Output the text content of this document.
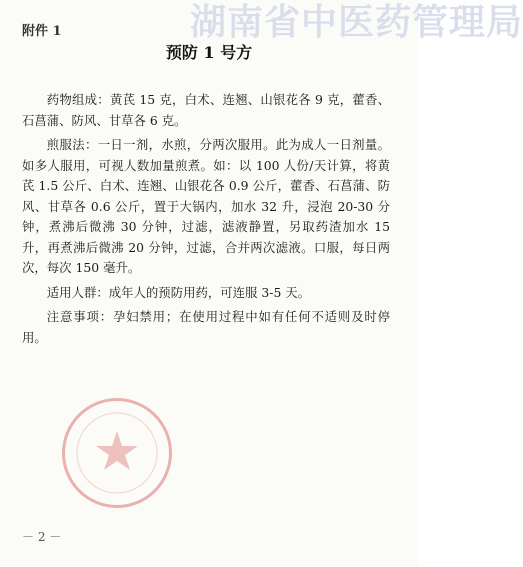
湖南省中医药管理局
附件 1
预防 1 号方

药物组成：黄芪 15 克，白术、连翘、山银花各 9 克，藿香、石菖蒲、防风、甘草各 6 克。

煎服法：一日一剂，水煎，分两次服用。此为成人一日剂量。如多人服用，可视人数加量煎煮。如：以 100 人份/天计算，将黄芪 1.5 公斤、白术、连翘、山银花各 0.9 公斤，藿香、石菖蒲、防风、甘草各 0.6 公斤，置于大锅内，加水 32 升，浸泡 20-30 分钟，煮沸后微沸 30 分钟，过滤，滤液静置，另取药渣加水 15 升，再煮沸后微沸 20 分钟，过滤，合并两次滤液。口服，每日两次，每次 150 毫升。

适用人群：成年人的预防用药，可连服 3-5 天。

注意事项：孕妇禁用；在使用过程中如有任何不适则及时停用。

－ 2 －
